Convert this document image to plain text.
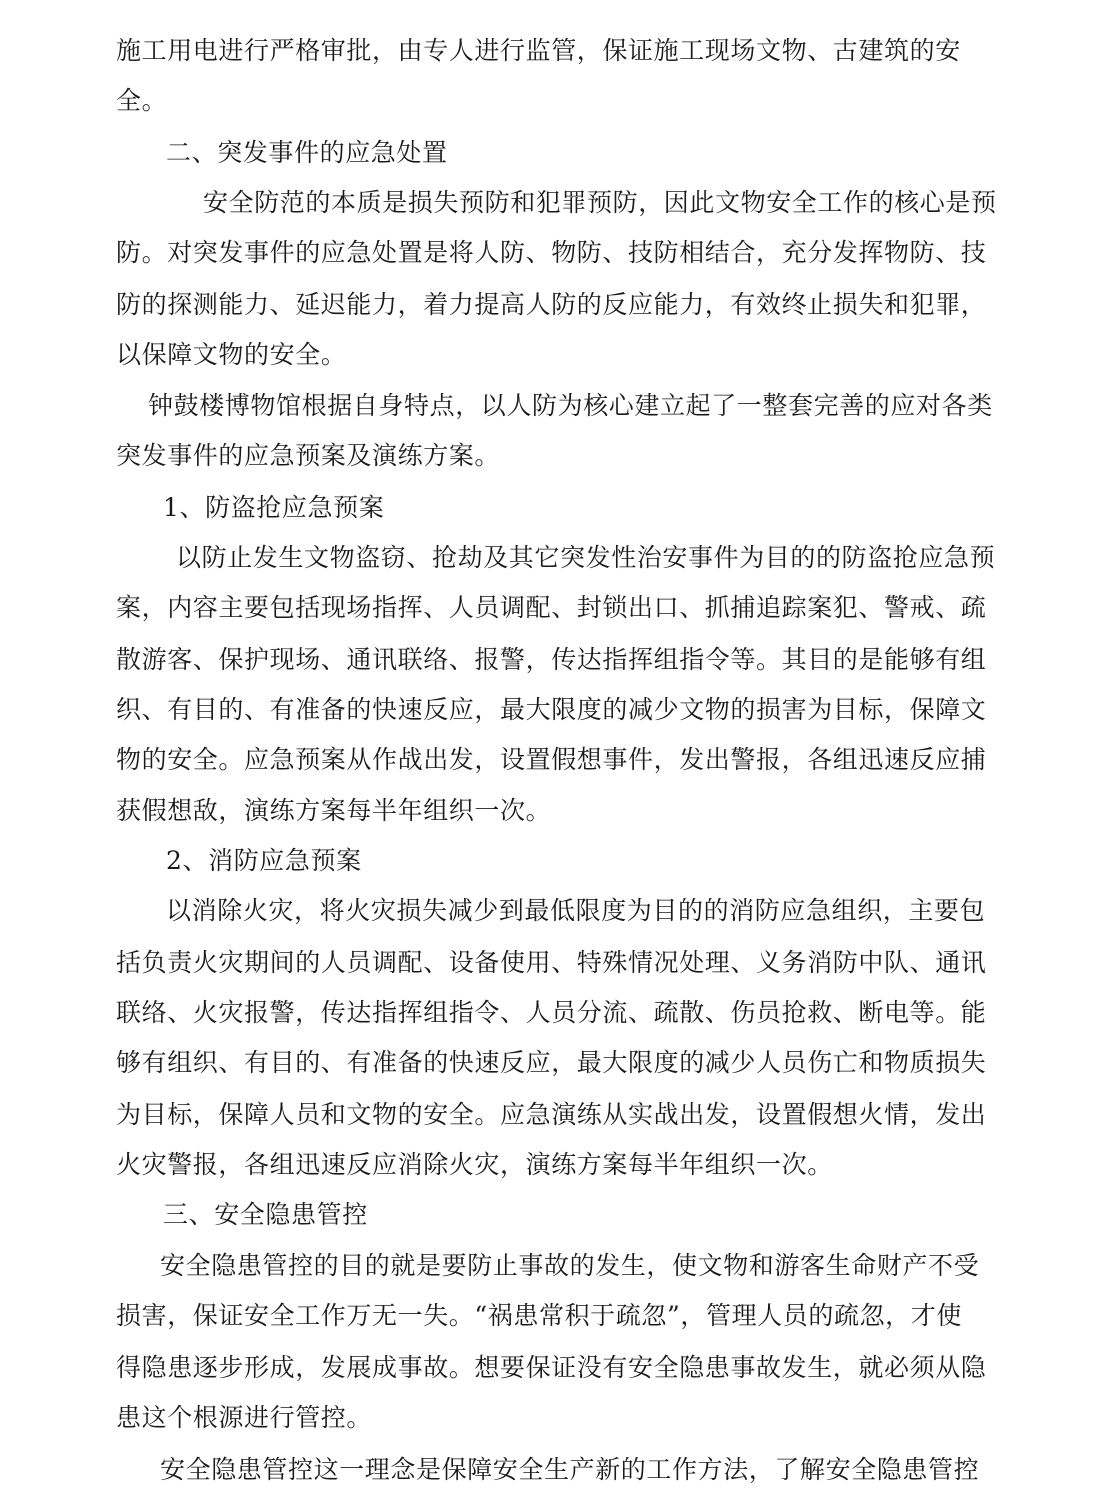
施工用电进行严格审批，由专人进行监管，保证施工现场文物、古建筑的安
全。
二、突发事件的应急处置
安全防范的本质是损失预防和犯罪预防，因此文物安全工作的核心是预
防。对突发事件的应急处置是将人防、物防、技防相结合，充分发挥物防、技
防的探测能力、延迟能力，着力提高人防的反应能力，有效终止损失和犯罪，
以保障文物的安全。
钟鼓楼博物馆根据自身特点，以人防为核心建立起了一整套完善的应对各类
突发事件的应急预案及演练方案。
1、防盗抢应急预案
以防止发生文物盗窃、抢劫及其它突发性治安事件为目的的防盗抢应急预
案，内容主要包括现场指挥、人员调配、封锁出口、抓捕追踪案犯、警戒、疏
散游客、保护现场、通讯联络、报警，传达指挥组指令等。其目的是能够有组
织、有目的、有准备的快速反应，最大限度的减少文物的损害为目标，保障文
物的安全。应急预案从作战出发，设置假想事件，发出警报，各组迅速反应捕
获假想敌，演练方案每半年组织一次。
2、消防应急预案
以消除火灾，将火灾损失减少到最低限度为目的的消防应急组织，主要包
括负责火灾期间的人员调配、设备使用、特殊情况处理、义务消防中队、通讯
联络、火灾报警，传达指挥组指令、人员分流、疏散、伤员抢救、断电等。能
够有组织、有目的、有准备的快速反应，最大限度的减少人员伤亡和物质损失
为目标，保障人员和文物的安全。应急演练从实战出发，设置假想火情，发出
火灾警报，各组迅速反应消除火灾，演练方案每半年组织一次。
三、安全隐患管控
安全隐患管控的目的就是要防止事故的发生，使文物和游客生命财产不受
损害，保证安全工作万无一失。“祸患常积于疏忽”，管理人员的疏忽，才使
得隐患逐步形成，发展成事故。想要保证没有安全隐患事故发生，就必须从隐
患这个根源进行管控。
安全隐患管控这一理念是保障安全生产新的工作方法，了解安全隐患管控
